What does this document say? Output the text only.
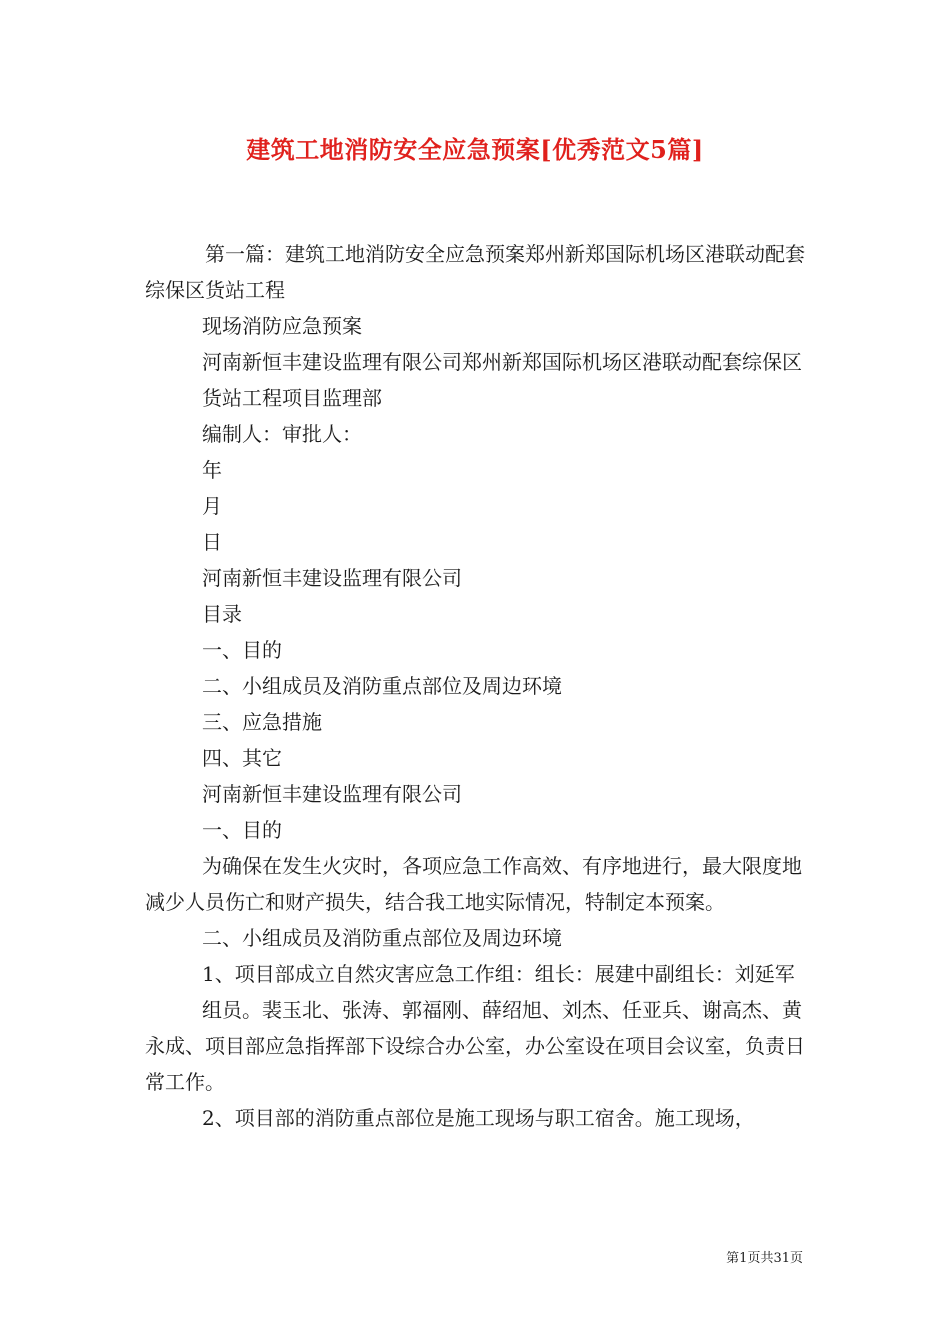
建筑工地消防安全应急预案[优秀范文5篇]

第一篇：建筑工地消防安全应急预案郑州新郑国际机场区港联动配套综保区货站工程

现场消防应急预案

河南新恒丰建设监理有限公司郑州新郑国际机场区港联动配套综保区货站工程项目监理部

编制人：审批人：

年

月

日

河南新恒丰建设监理有限公司

目录

一、目的

二、小组成员及消防重点部位及周边环境

三、应急措施

四、其它

河南新恒丰建设监理有限公司

一、目的

为确保在发生火灾时，各项应急工作高效、有序地进行，最大限度地减少人员伤亡和财产损失，结合我工地实际情况，特制定本预案。

二、小组成员及消防重点部位及周边环境

1、项目部成立自然灾害应急工作组：组长：展建中副组长：刘延军

组员。裴玉北、张涛、郭福刚、薛绍旭、刘杰、任亚兵、谢高杰、黄永成、项目部应急指挥部下设综合办公室，办公室设在项目会议室，负责日常工作。

2、项目部的消防重点部位是施工现场与职工宿舍。施工现场，

第1页共31页
